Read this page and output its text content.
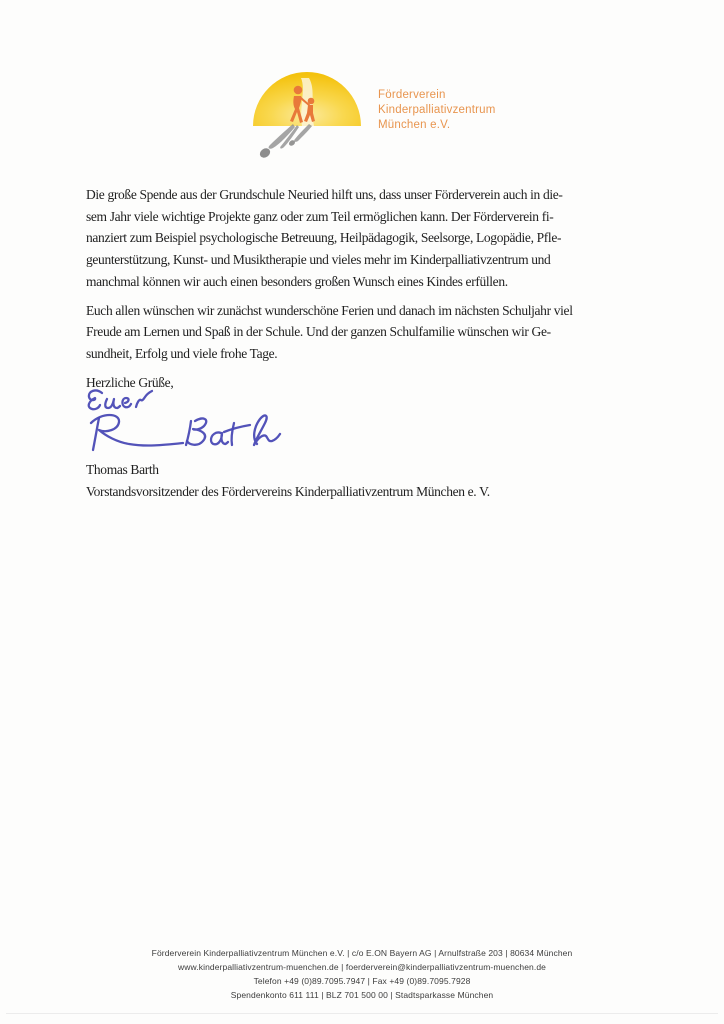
Förderverein
Kinderpalliativzentrum
München e.V.
Die große Spende aus der Grundschule Neuried hilft uns, dass unser Förderverein auch in die-
sem Jahr viele wichtige Projekte ganz oder zum Teil ermöglichen kann. Der Förderverein fi-
nanziert zum Beispiel psychologische Betreuung, Heilpädagogik, Seelsorge, Logopädie, Pfle-
geunterstützung, Kunst- und Musiktherapie und vieles mehr im Kinderpalliativzentrum und
manchmal können wir auch einen besonders großen Wunsch eines Kindes erfüllen.
Euch allen wünschen wir zunächst wunderschöne Ferien und danach im nächsten Schuljahr viel
Freude am Lernen und Spaß in der Schule. Und der ganzen Schulfamilie wünschen wir Ge-
sundheit, Erfolg und viele frohe Tage.
Herzliche Grüße,
Thomas Barth
Vorstandsvorsitzender des Fördervereins Kinderpalliativzentrum München e. V.
Förderverein Kinderpalliativzentrum München e.V. | c/o E.ON Bayern AG | Arnulfstraße 203 | 80634 München
www.kinderpalliativzentrum-muenchen.de | foerderverein@kinderpalliativzentrum-muenchen.de
Telefon +49 (0)89.7095.7947 | Fax +49 (0)89.7095.7928
Spendenkonto 611 111 | BLZ 701 500 00 | Stadtsparkasse München
